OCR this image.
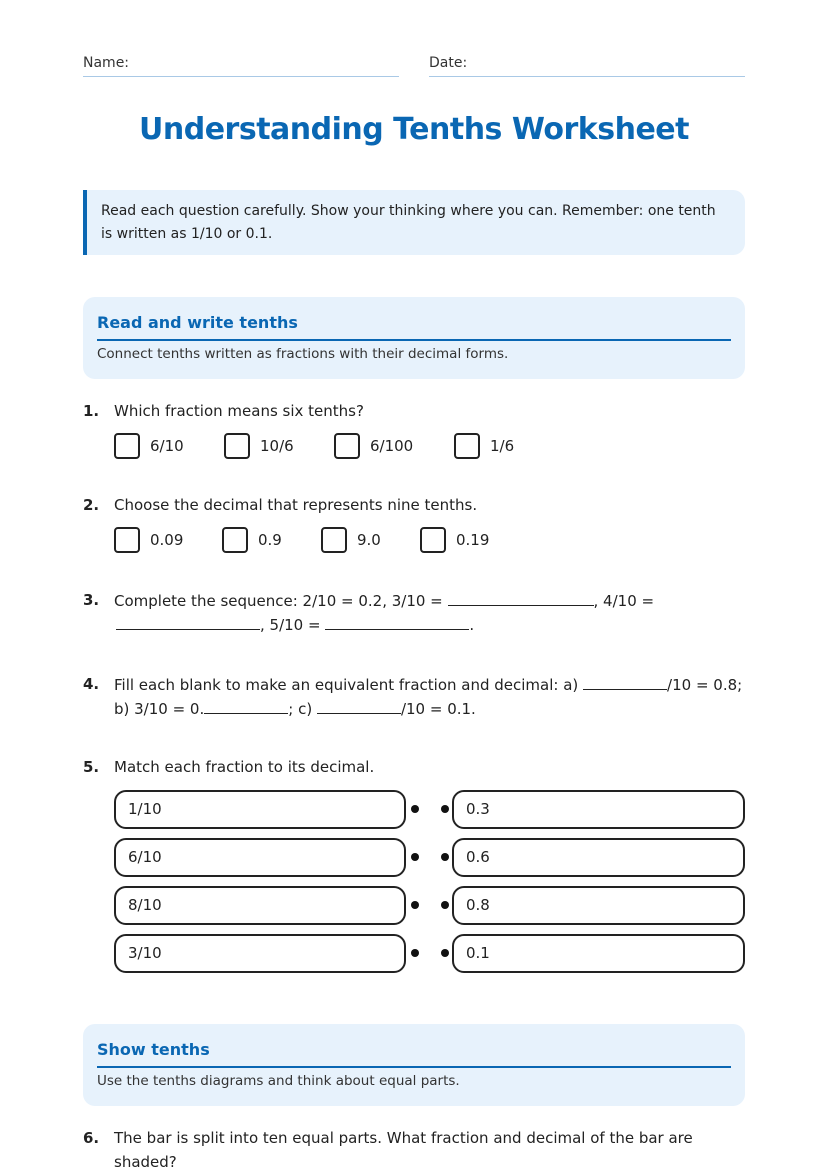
Name:	Date:
Understanding Tenths Worksheet
Read each question carefully. Show your thinking where you can. Remember: one tenth is written as 1/10 or 0.1.
Read and write tenths
Connect tenths written as fractions with their decimal forms.
1. Which fraction means six tenths?
6/10	10/6	6/100	1/6
2. Choose the decimal that represents nine tenths.
0.09	0.9	9.0	0.19
3. Complete the sequence: 2/10 = 0.2, 3/10 =	, 4/10 =
, 5/10 =	.
4. Fill each blank to make an equivalent fraction and decimal: a)	/10 = 0.8;
b) 3/10 = 0.	; c)	/10 = 0.1.
5. Match each fraction to its decimal.
1/10	0.3
6/10	0.6
8/10	0.8
3/10	0.1
Show tenths
Use the tenths diagrams and think about equal parts.
6. The bar is split into ten equal parts. What fraction and decimal of the bar are shaded?
